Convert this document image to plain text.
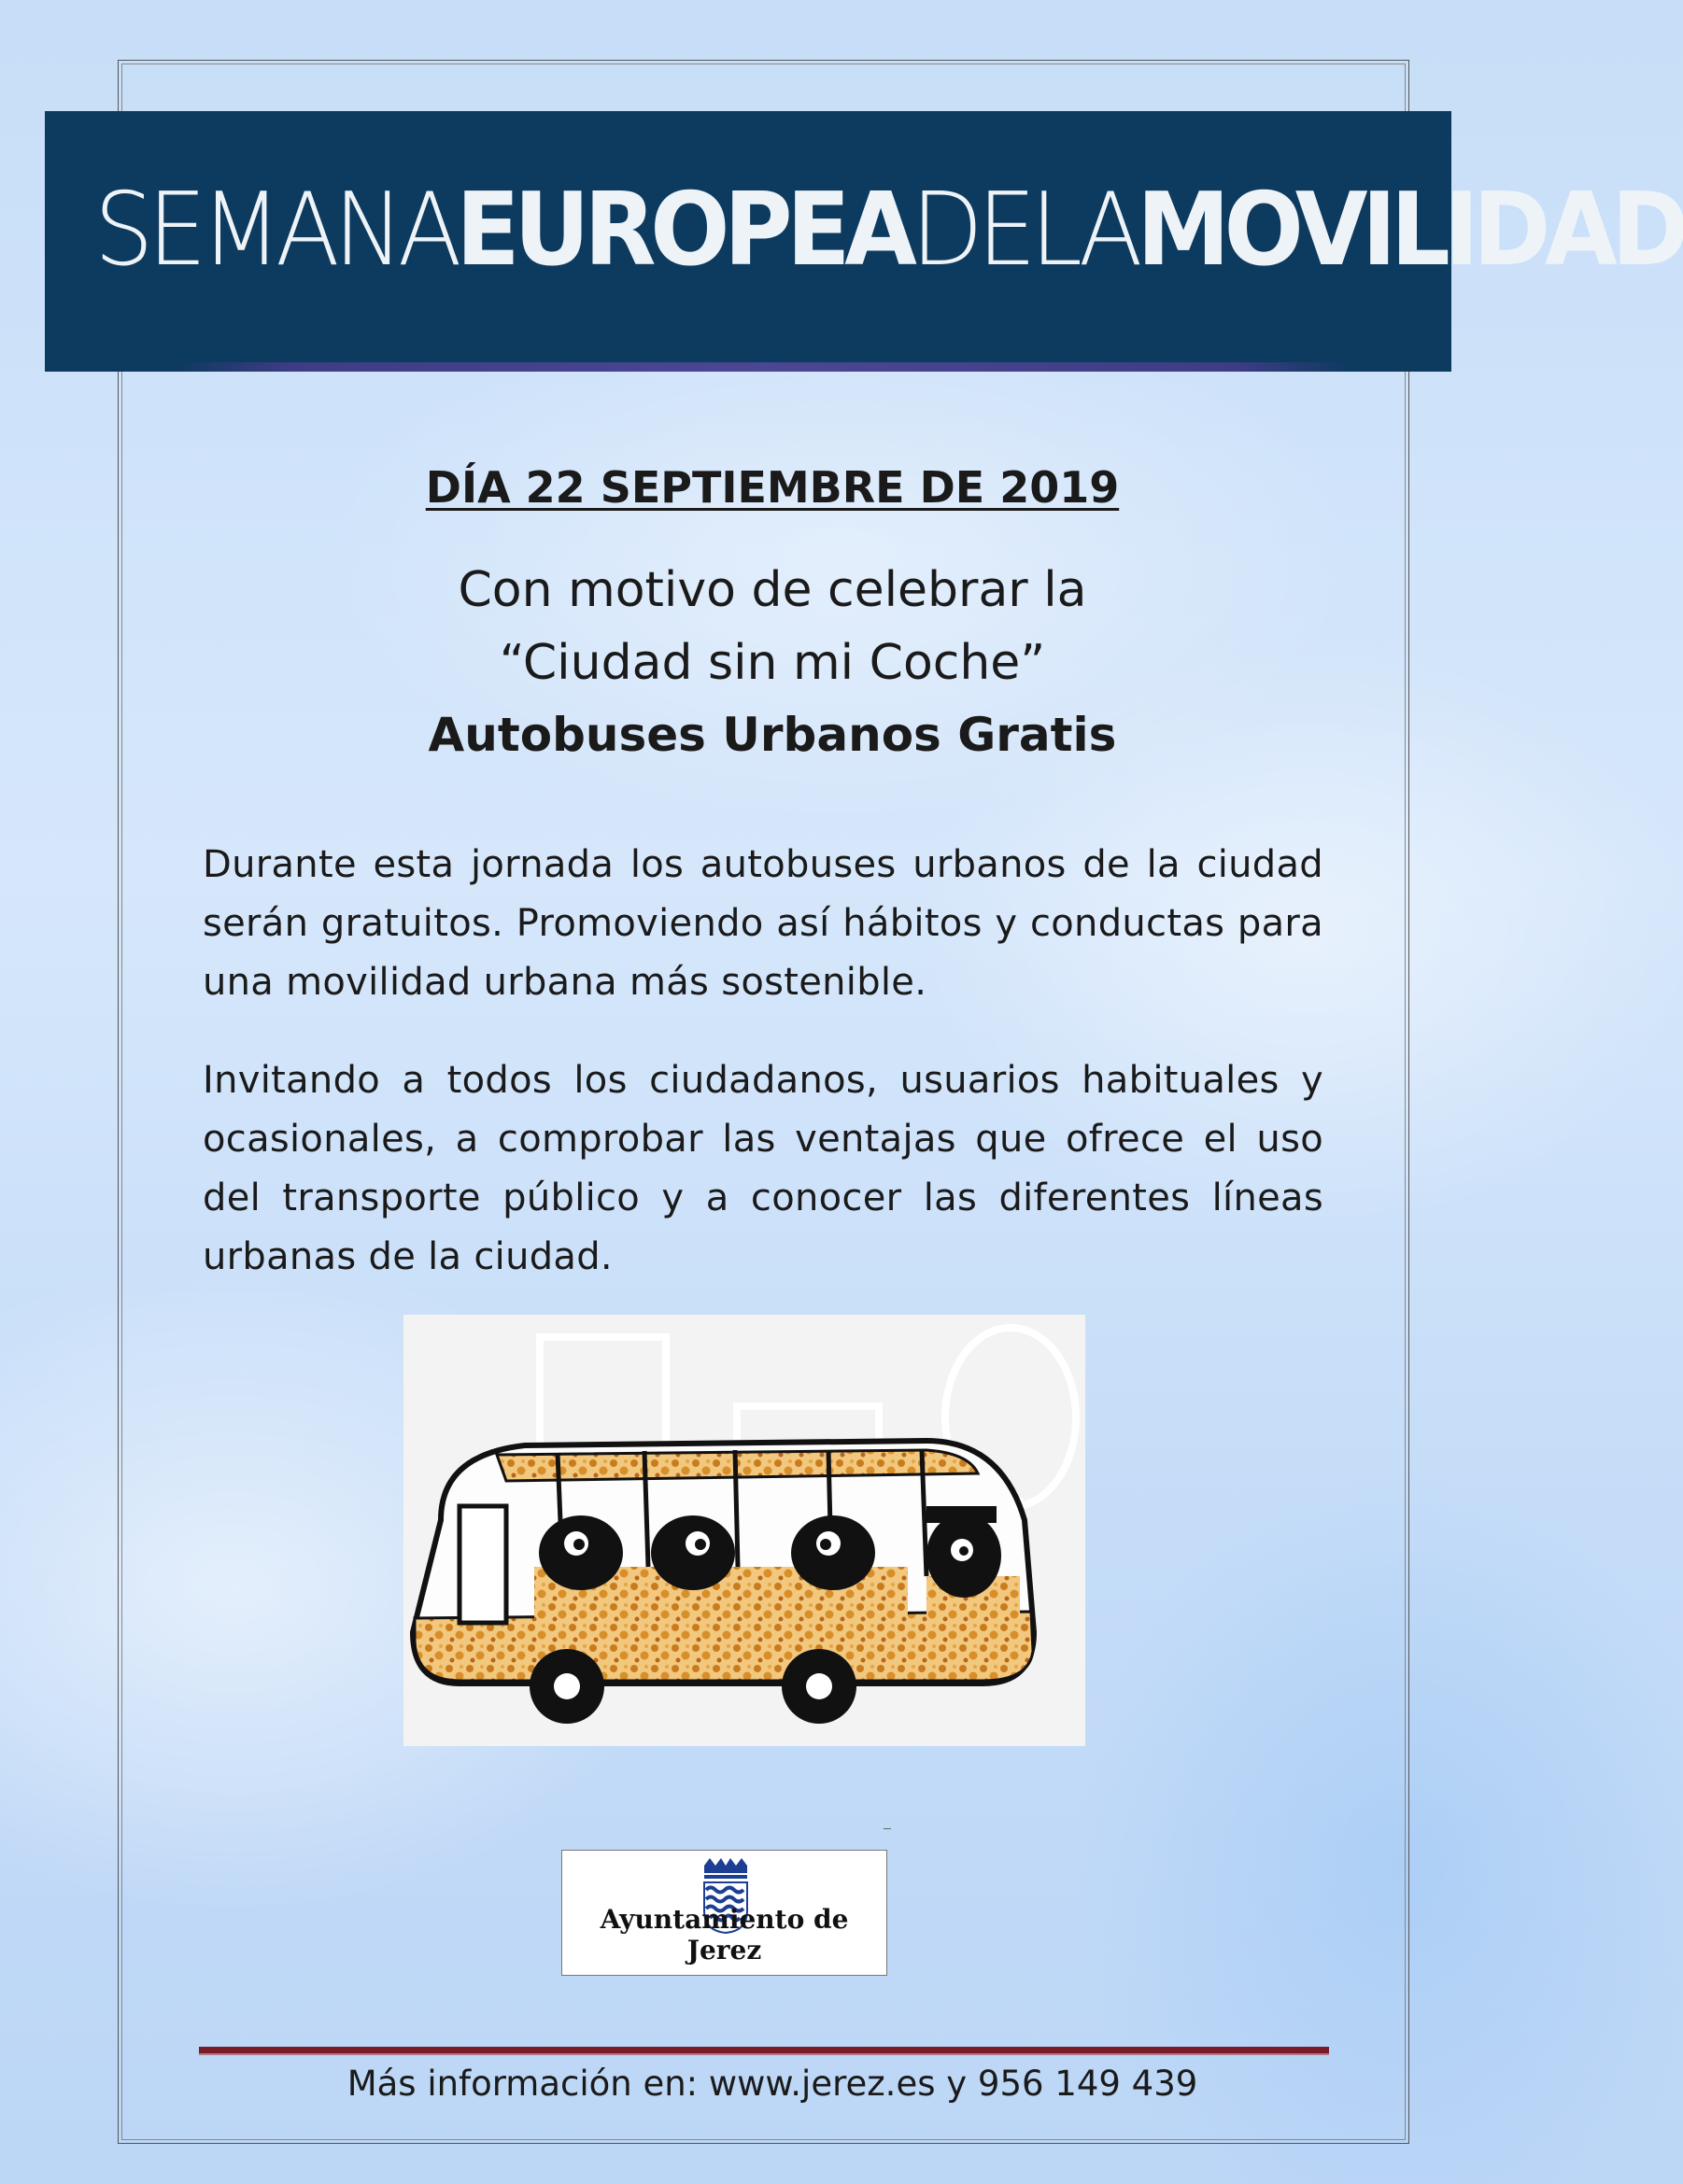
SEMANAEUROPEADELAMOVILIDAD
DÍA 22 SEPTIEMBRE DE 2019
Con motivo de celebrar la
“Ciudad sin mi Coche”
Autobuses Urbanos Gratis
Durante esta jornada los autobuses urbanos de la ciudad serán gratuitos. Promoviendo así hábitos y conductas para una movilidad urbana más sostenible.
Invitando a todos los ciudadanos, usuarios habituales y ocasionales, a comprobar las ventajas que ofrece el uso del transporte público y a conocer las diferentes líneas urbanas de la ciudad.
Ayuntamiento de Jerez
Más información en: www.jerez.es y 956 149 439
